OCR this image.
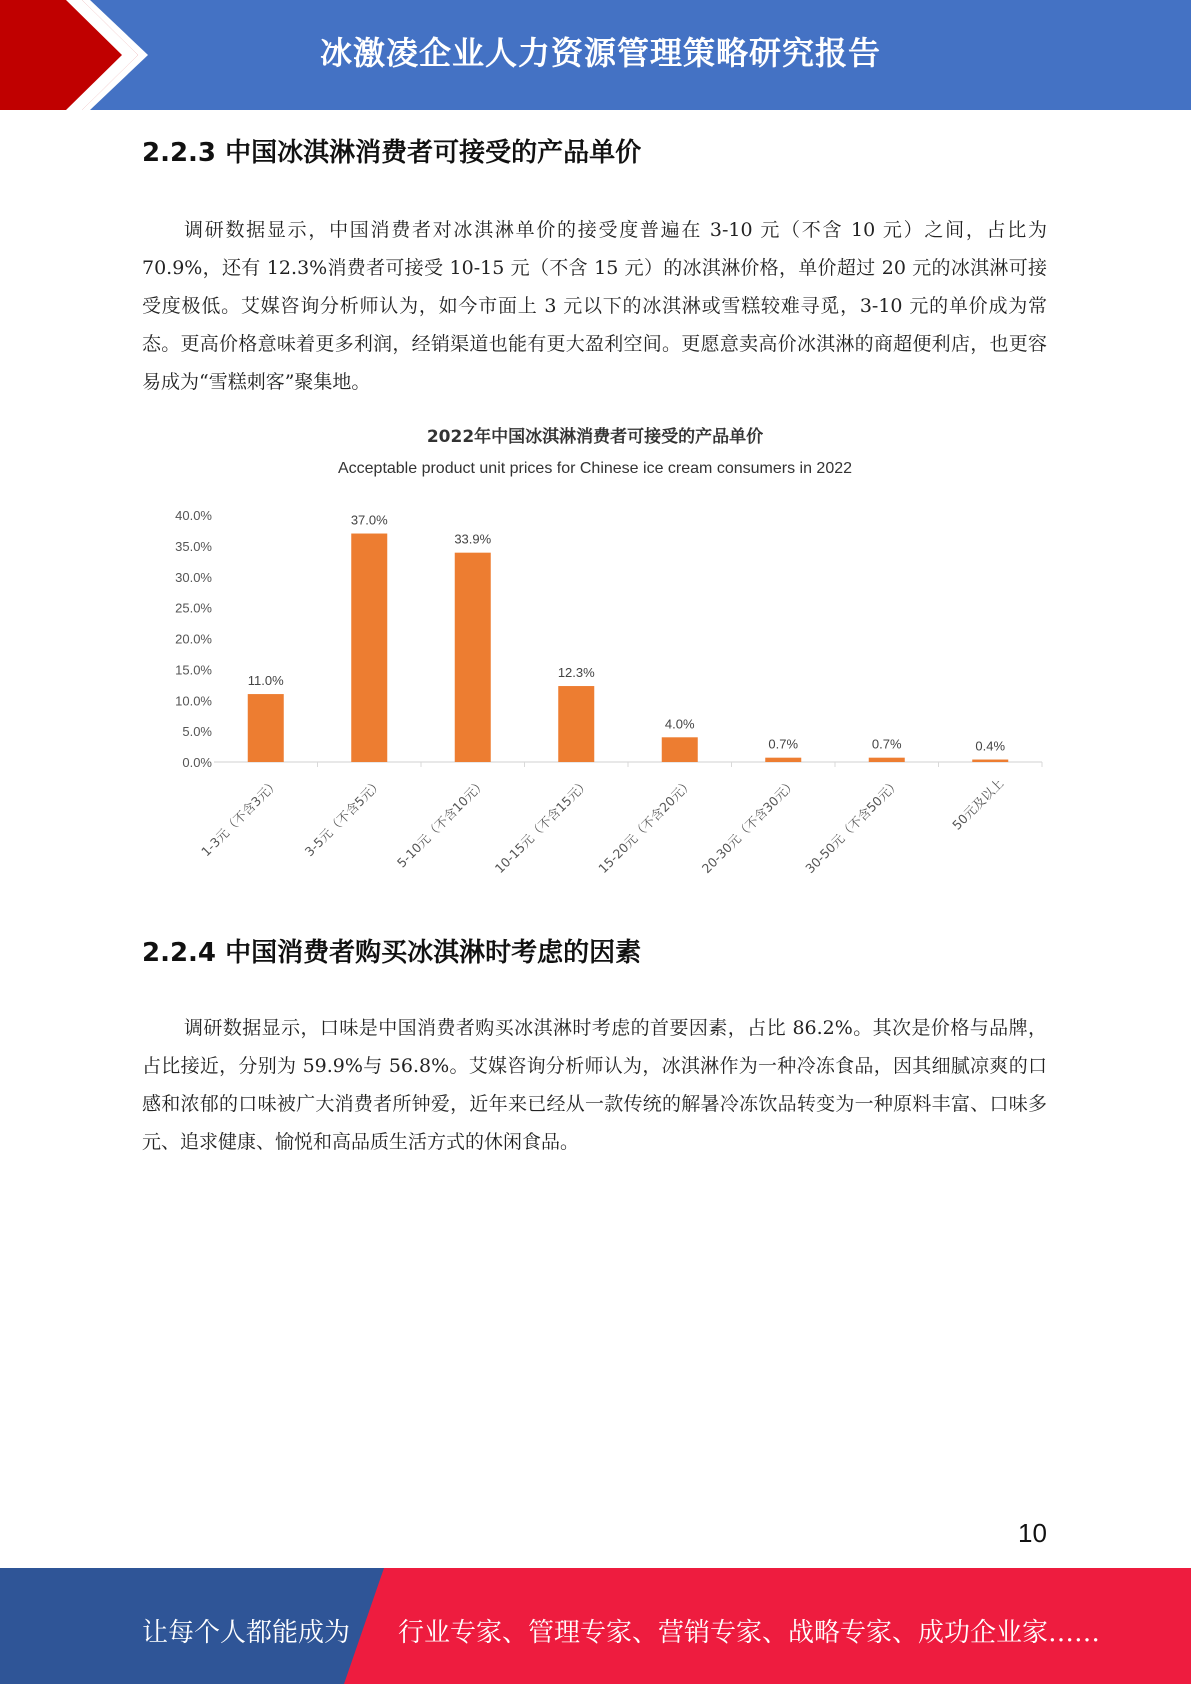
冰激凌企业人力资源管理策略研究报告
2.2.3 中国冰淇淋消费者可接受的产品单价

调研数据显示，中国消费者对冰淇淋单价的接受度普遍在 3-10 元（不含 10 元）之间，占比为 70.9%，还有 12.3%消费者可接受 10-15 元（不含 15 元）的冰淇淋价格，单价超过 20 元的冰淇淋可接受度极低。艾媒咨询分析师认为，如今市面上 3 元以下的冰淇淋或雪糕较难寻觅，3-10 元的单价成为常态。更高价格意味着更多利润，经销渠道也能有更大盈利空间。更愿意卖高价冰淇淋的商超便利店，也更容易成为“雪糕刺客”聚集地。

2022年中国冰淇淋消费者可接受的产品单价
Acceptable product unit prices for Chinese ice cream consumers in 2022
0.0%
5.0%
10.0%
15.0%
20.0%
25.0%
30.0%
35.0%
40.0%
11.0%
1-3元（不含3元）
37.0%
3-5元（不含5元）
33.9%
5-10元（不含10元）
12.3%
10-15元（不含15元）
4.0%
15-20元（不含20元）
0.7%
20-30元（不含30元）
0.7%
30-50元（不含50元）
0.4%
50元及以上
2.2.4 中国消费者购买冰淇淋时考虑的因素

调研数据显示，口味是中国消费者购买冰淇淋时考虑的首要因素，占比 86.2%。其次是价格与品牌，占比接近，分别为 59.9%与 56.8%。艾媒咨询分析师认为，冰淇淋作为一种冷冻食品，因其细腻凉爽的口感和浓郁的口味被广大消费者所钟爱，近年来已经从一款传统的解暑冷冻饮品转变为一种原料丰富、口味多元、追求健康、愉悦和高品质生活方式的休闲食品。

10
让每个人都能成为 行业专家、管理专家、营销专家、战略专家、成功企业家……
